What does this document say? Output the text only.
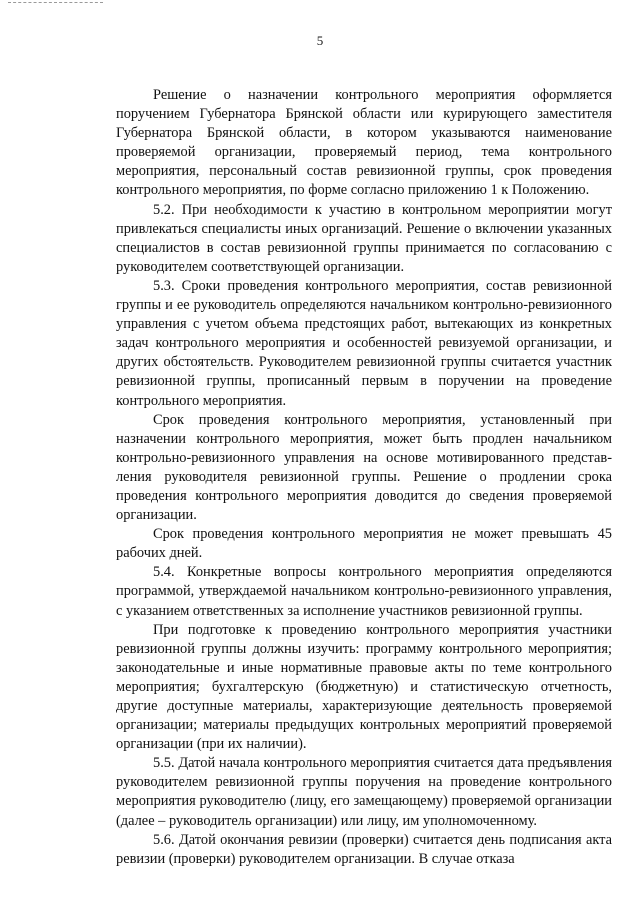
5

Решение о назначении контрольного мероприятия оформляется поручением Губернатора Брянской области или курирующего заместителя Губернатора Брянской области, в котором указываются наименование проверяемой организации, проверяемый период, тема контрольного мероприятия, персональный состав ревизионной группы, срок проведения контрольного мероприятия, по форме согласно приложению 1 к Положению.

5.2. При необходимости к участию в контрольном мероприятии могут привлекаться специалисты иных организаций. Решение о включении указанных специалистов в состав ревизионной группы принимается по согласованию с руководителем соответствующей организации.

5.3. Сроки проведения контрольного мероприятия, состав ревизионной группы и ее руководитель определяются начальником контрольно-ревизионного управления с учетом объема предстоящих работ, вытекающих из конкретных задач контрольного мероприятия и особенностей ревизуемой организации, и других обстоятельств. Руководителем ревизионной группы считается участник ревизионной группы, прописанный первым в поручении на проведение контрольного мероприятия.

Срок проведения контрольного мероприятия, установленный при назначении контрольного мероприятия, может быть продлен начальником контрольно-ревизионного управления на основе мотивированного представления руководителя ревизионной группы. Решение о продлении срока проведения контрольного мероприятия доводится до сведения проверяемой организации.

Срок проведения контрольного мероприятия не может превышать 45 рабочих дней.

5.4. Конкретные вопросы контрольного мероприятия определяются программой, утверждаемой начальником контрольно-ревизионного управления, с указанием ответственных за исполнение участников ревизионной группы.

При подготовке к проведению контрольного мероприятия участники ревизионной группы должны изучить: программу контрольного мероприятия; законодательные и иные нормативные правовые акты по теме контрольного мероприятия; бухгалтерскую (бюджетную) и статистическую отчетность, другие доступные материалы, характеризующие деятельность проверяемой организации; материалы предыдущих контрольных мероприятий проверяемой организации (при их наличии).

5.5. Датой начала контрольного мероприятия считается дата предъявления руководителем ревизионной группы поручения на проведение контрольного мероприятия руководителю (лицу, его замещающему) проверяемой организации (далее – руководитель организации) или лицу, им уполномоченному.

5.6. Датой окончания ревизии (проверки) считается день подписания акта ревизии (проверки) руководителем организации. В случае отказа
